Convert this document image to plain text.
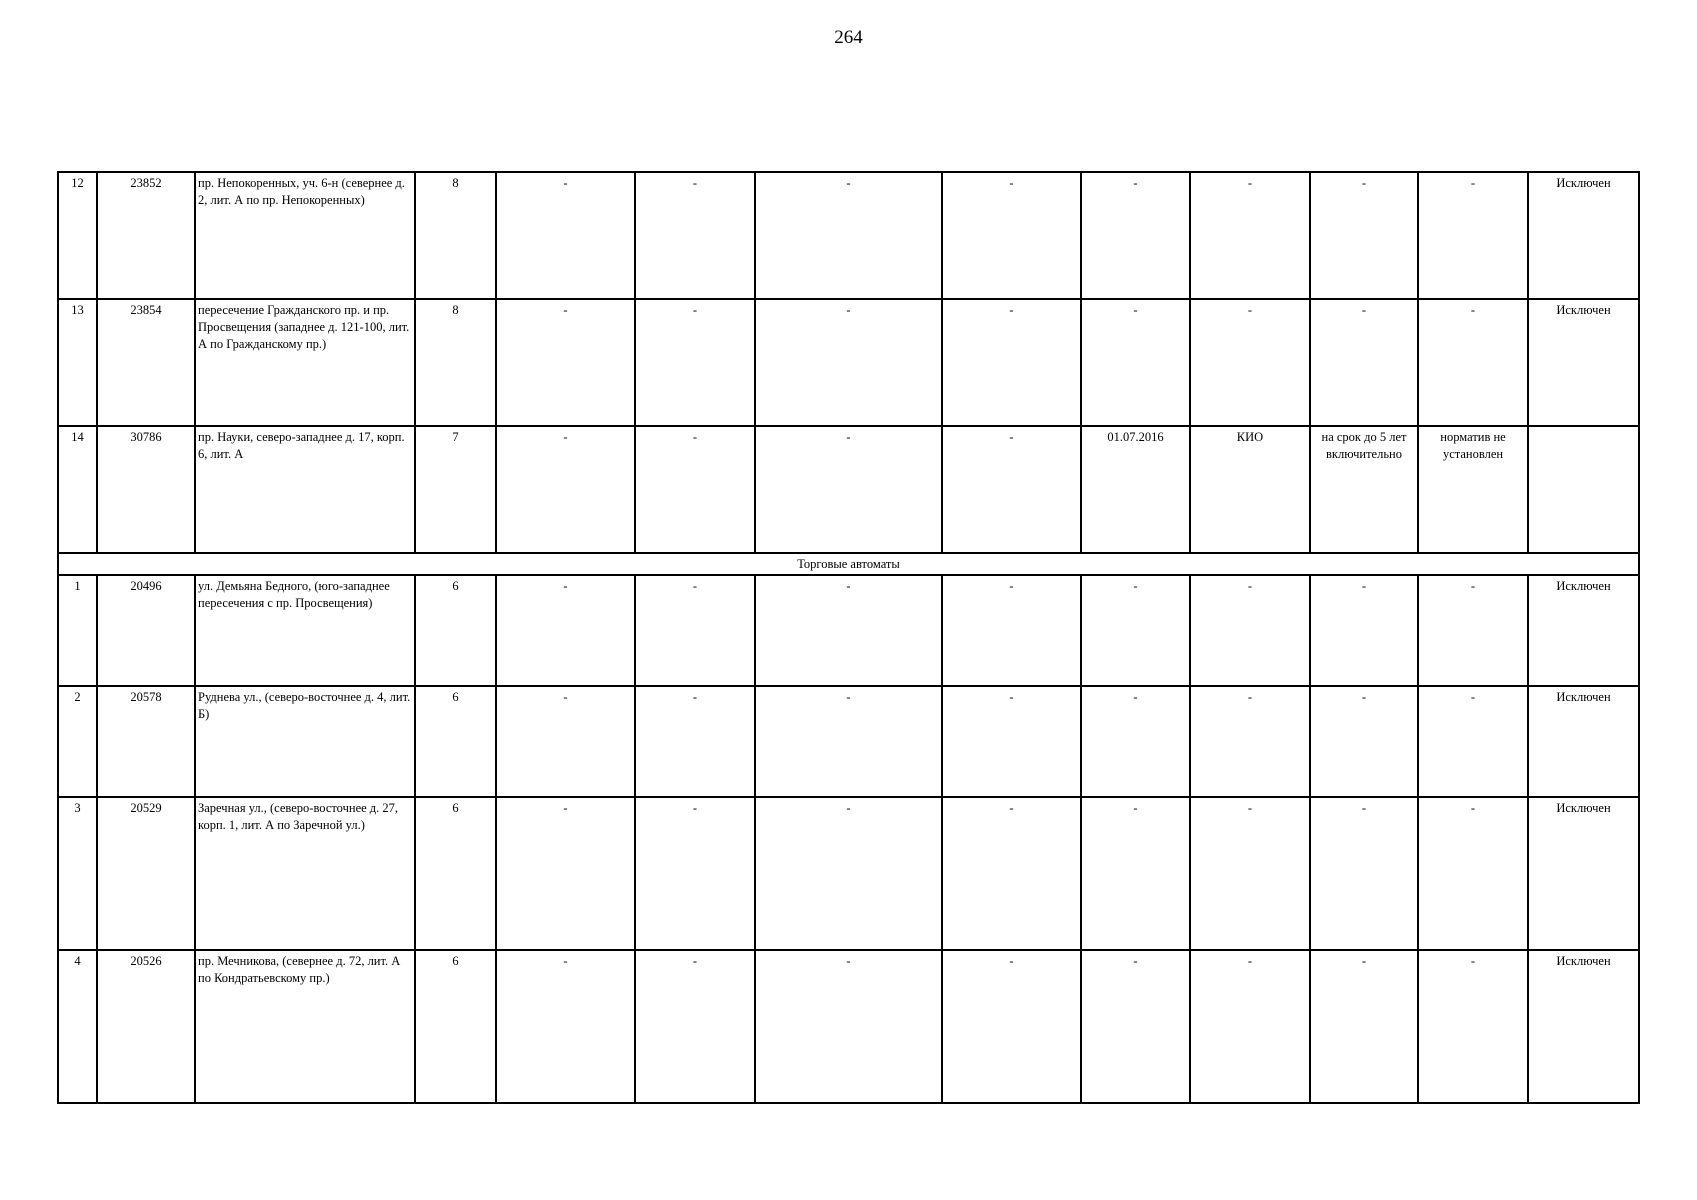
264
12	23852	пр. Непокоренных, уч. 6-н (севернее д. 2, лит. А по пр. Непокоренных)	8	-	-	-	-	-	-	-	-	Исключен
13	23854	пересечение Гражданского пр. и пр. Просвещения (западнее д. 121-100, лит. А по Гражданскому пр.)	8	-	-	-	-	-	-	-	-	Исключен
14	30786	пр. Науки, северо-западнее д. 17, корп. 6, лит. А	7	-	-	-	-	01.07.2016	КИО	на срок до 5 лет включительно	норматив не установлен	
Торговые автоматы												
1	20496	ул. Демьяна Бедного, (юго-западнее пересечения с пр. Просвещения)	6	-	-	-	-	-	-	-	-	Исключен
2	20578	Руднева ул., (северо-восточнее д. 4, лит. Б)	6	-	-	-	-	-	-	-	-	Исключен
3	20529	Заречная ул., (северо-восточнее д. 27, корп. 1, лит. А по Заречной ул.)	6	-	-	-	-	-	-	-	-	Исключен
4	20526	пр. Мечникова, (севернее д. 72, лит. А по Кондратьевскому пр.)	6	-	-	-	-	-	-	-	-	Исключен
